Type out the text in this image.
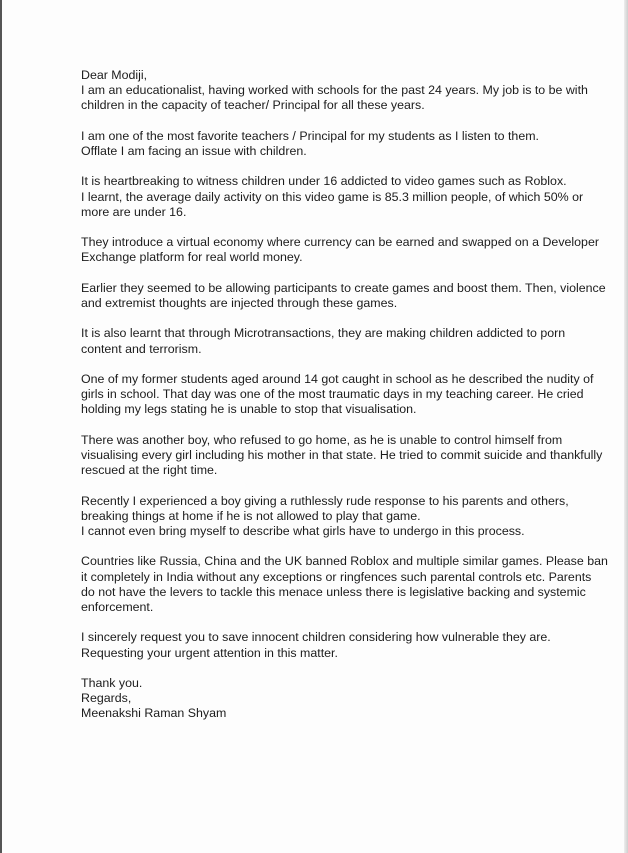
Dear Modiji,

I am an educationalist, having worked with schools for the past 24 years. My job is to be with
children in the capacity of teacher/ Principal for all these years.

I am one of the most favorite teachers / Principal for my students as I listen to them.
Offlate I am facing an issue with children.

It is heartbreaking to witness children under 16 addicted to video games such as Roblox.
I learnt, the average daily activity on this video game is 85.3 million people, of which 50% or
more are under 16.

They introduce a virtual economy where currency can be earned and swapped on a Developer
Exchange platform for real world money.

Earlier they seemed to be allowing participants to create games and boost them. Then, violence
and extremist thoughts are injected through these games.

It is also learnt that through Microtransactions, they are making children addicted to porn
content and terrorism.

One of my former students aged around 14 got caught in school as he described the nudity of
girls in school. That day was one of the most traumatic days in my teaching career. He cried
holding my legs stating he is unable to stop that visualisation.

There was another boy, who refused to go home, as he is unable to control himself from
visualising every girl including his mother in that state. He tried to commit suicide and thankfully
rescued at the right time.

Recently I experienced a boy giving a ruthlessly rude response to his parents and others,
breaking things at home if he is not allowed to play that game.
I cannot even bring myself to describe what girls have to undergo in this process.

Countries like Russia, China and the UK banned Roblox and multiple similar games. Please ban
it completely in India without any exceptions or ringfences such parental controls etc. Parents
do not have the levers to tackle this menace unless there is legislative backing and systemic
enforcement.

I sincerely request you to save innocent children considering how vulnerable they are.
Requesting your urgent attention in this matter.

Thank you.
Regards,
Meenakshi Raman Shyam
